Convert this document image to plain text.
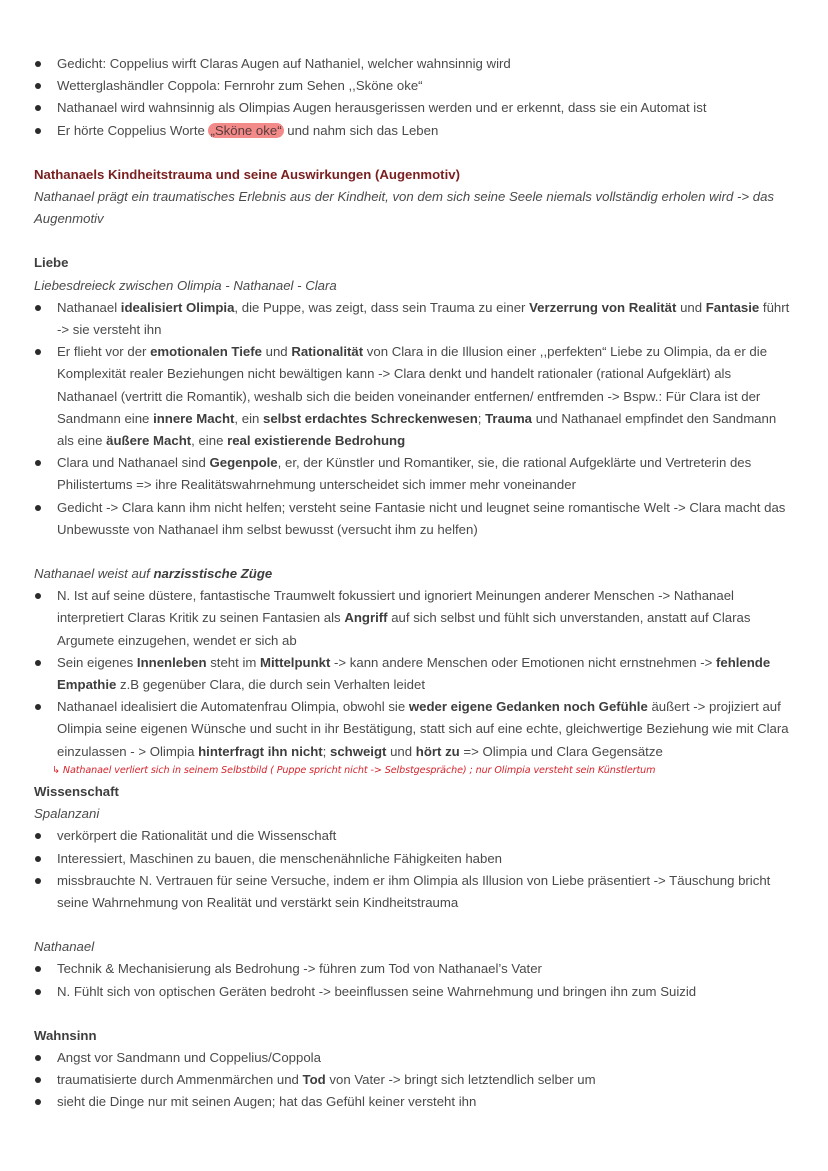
Gedicht: Coppelius wirft Claras Augen auf Nathaniel, welcher wahnsinnig wird
Wetterglashändler Coppola: Fernrohr zum Sehen ,,Sköne oke“
Nathanael wird wahnsinnig als Olimpias Augen herausgerissen werden und er erkennt, dass sie ein Automat ist
Er hörte Coppelius Worte „Sköne oke“ und nahm sich das Leben
Nathanaels Kindheitstrauma und seine Auswirkungen (Augenmotiv)
Nathanael prägt ein traumatisches Erlebnis aus der Kindheit, von dem sich seine Seele niemals vollständig erholen wird -> das Augenmotiv
Liebe
Liebesdreieck zwischen Olimpia - Nathanael - Clara
Nathanael idealisiert Olimpia, die Puppe, was zeigt, dass sein Trauma zu einer Verzerrung von Realität und Fantasie führt -> sie versteht ihn
Er flieht vor der emotionalen Tiefe und Rationalität von Clara in die Illusion einer ,,perfekten“ Liebe zu Olimpia, da er die Komplexität realer Beziehungen nicht bewältigen kann -> Clara denkt und handelt rationaler (rational Aufgeklärt) als Nathanael (vertritt die Romantik), weshalb sich die beiden voneinander entfernen/ entfremden -> Bspw.: Für Clara ist der Sandmann eine innere Macht, ein selbst erdachtes Schreckenwesen; Trauma und Nathanael empfindet den Sandmann als eine äußere Macht, eine real existierende Bedrohung
Clara und Nathanael sind Gegenpole, er, der Künstler und Romantiker, sie, die rational Aufgeklärte und Vertreterin des Philistertums => ihre Realitätswahrnehmung unterscheidet sich immer mehr voneinander
Gedicht -> Clara kann ihm nicht helfen; versteht seine Fantasie nicht und leugnet seine romantische Welt -> Clara macht das Unbewusste von Nathanael ihm selbst bewusst (versucht ihm zu helfen)
Nathanael weist auf narzisstische Züge
N. Ist auf seine düstere, fantastische Traumwelt fokussiert und ignoriert Meinungen anderer Menschen -> Nathanael interpretiert Claras Kritik zu seinen Fantasien als Angriff auf sich selbst und fühlt sich unverstanden, anstatt auf Claras Argumete einzugehen, wendet er sich ab
Sein eigenes Innenleben steht im Mittelpunkt -> kann andere Menschen oder Emotionen nicht ernstnehmen -> fehlende Empathie z.B gegenüber Clara, die durch sein Verhalten leidet
Nathanael idealisiert die Automatenfrau Olimpia, obwohl sie weder eigene Gedanken noch Gefühle äußert -> projiziert auf Olimpia seine eigenen Wünsche und sucht in ihr Bestätigung, statt sich auf eine echte, gleichwertige Beziehung wie mit Clara einzulassen - > Olimpia hinterfragt ihn nicht; schweigt und hört zu => Olimpia und Clara Gegensätze
↳ Nathanael verliert sich in seinem Selbstbild ( Puppe spricht nicht -> Selbstgespräche) ; nur Olimpia versteht sein Künstlertum
Wissenschaft
Spalanzani
verkörpert die Rationalität und die Wissenschaft
Interessiert, Maschinen zu bauen, die menschenähnliche Fähigkeiten haben
missbrauchte N. Vertrauen für seine Versuche, indem er ihm Olimpia als Illusion von Liebe präsentiert -> Täuschung bricht seine Wahrnehmung von Realität und verstärkt sein Kindheitstrauma
Nathanael
Technik & Mechanisierung als Bedrohung -> führen zum Tod von Nathanael’s Vater
N. Fühlt sich von optischen Geräten bedroht -> beeinflussen seine Wahrnehmung und bringen ihn zum Suizid
Wahnsinn
Angst vor Sandmann und Coppelius/Coppola
traumatisierte durch Ammenmärchen und Tod von Vater -> bringt sich letztendlich selber um
sieht die Dinge nur mit seinen Augen; hat das Gefühl keiner versteht ihn
